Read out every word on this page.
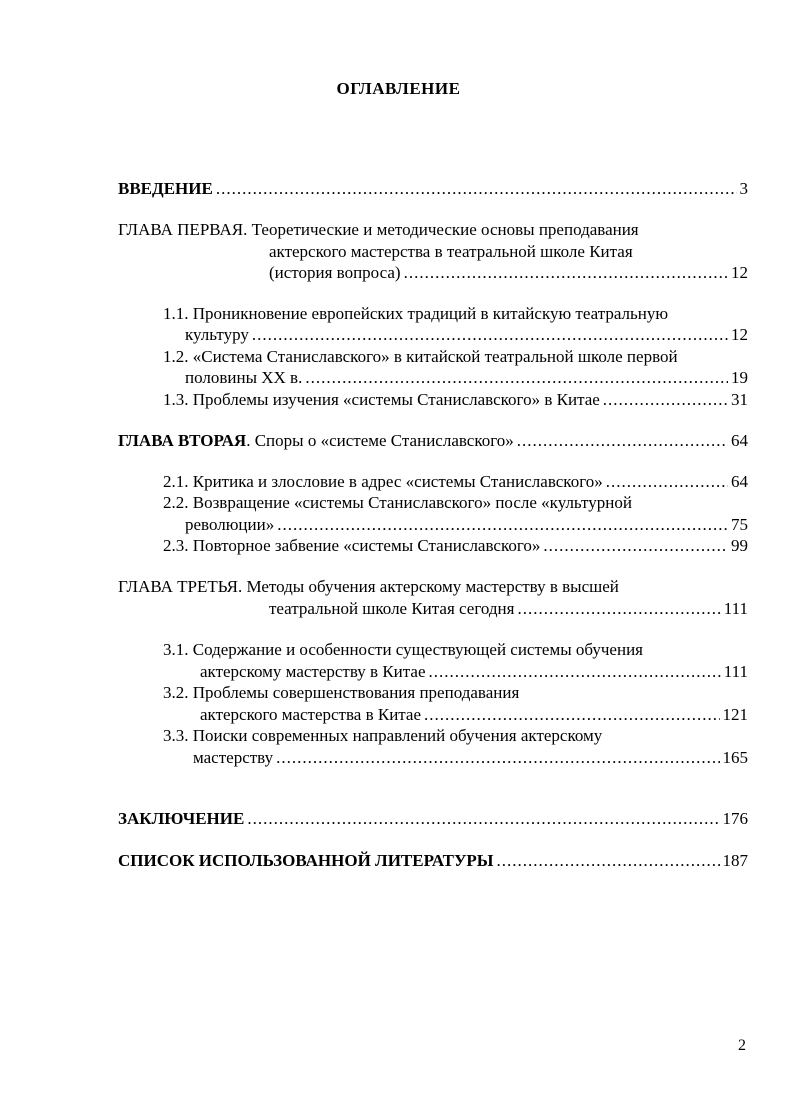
ОГЛАВЛЕНИЕ
ВВЕДЕНИЕ .....	3
ГЛАВА ПЕРВАЯ. Теоретические и методические основы преподавания
актерского мастерства в театральной школе Китая
(история вопроса) .....	12
1.1. Проникновение европейских традиций в китайскую театральную
культуру .....	12
1.2. «Система Станиславского» в китайской театральной школе первой
половины XX в. .....	19
1.3. Проблемы изучения «системы Станиславского» в Китае .....	31
ГЛАВА ВТОРАЯ. Споры о «системе Станиславского» .....	64
2.1. Критика и злословие в адрес «системы Станиславского» .....	64
2.2. Возвращение «системы Станиславского» после «культурной
революции» .....	75
2.3. Повторное забвение «системы Станиславского» .....	99
ГЛАВА ТРЕТЬЯ. Методы обучения актерскому мастерству в высшей
театральной школе Китая сегодня .....	111
3.1. Содержание и особенности существующей системы обучения
актерскому мастерству в Китае .....	111
3.2. Проблемы совершенствования преподавания
актерского мастерства в Китае .....	121
3.3. Поиски современных направлений обучения актерскому
мастерству .....	165
ЗАКЛЮЧЕНИЕ .....	176
СПИСОК ИСПОЛЬЗОВАННОЙ ЛИТЕРАТУРЫ .....	187
2
